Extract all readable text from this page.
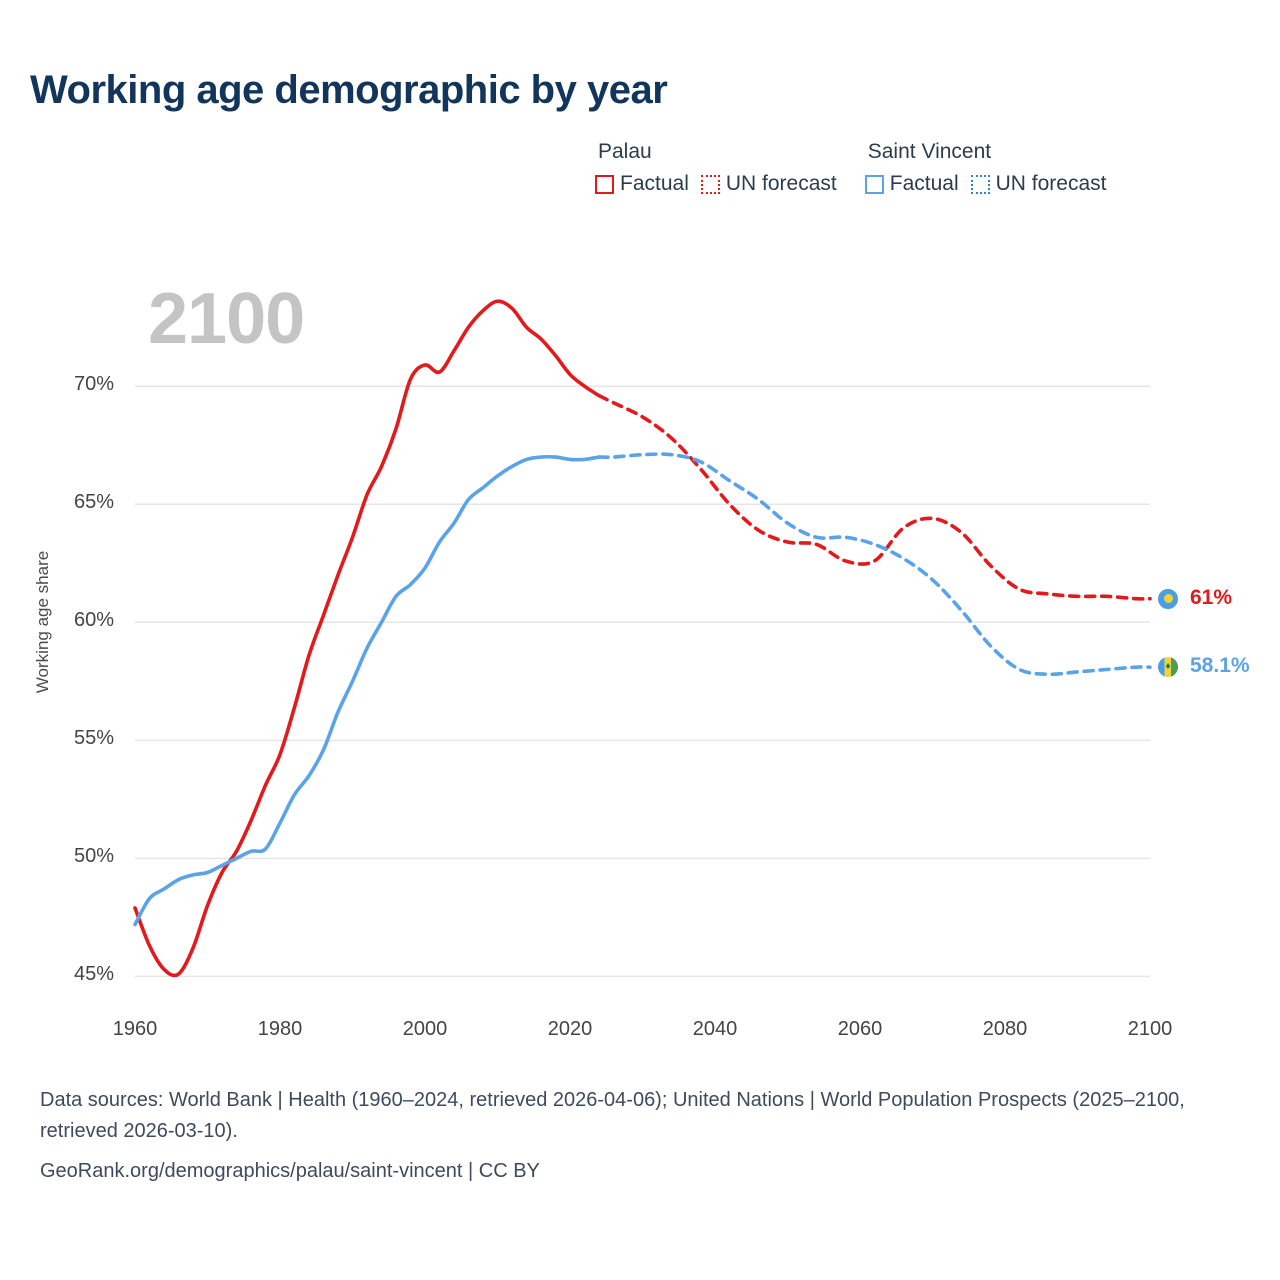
Working age demographic by year
Palau
Factual UN forecast
Saint Vincent
Factual UN forecast
2100
Working age share	61%
♦ 58.1%
45%
50%
55%
60%
65%
70%
1960	1980	2000	2020	2040	2060	2080	2100
Data sources: World Bank | Health (1960–2024, retrieved 2026-04-06); United Nations | World Population Prospects (2025–2100, retrieved 2026-03-10).
GeoRank.org/demographics/palau/saint-vincent | CC BY
